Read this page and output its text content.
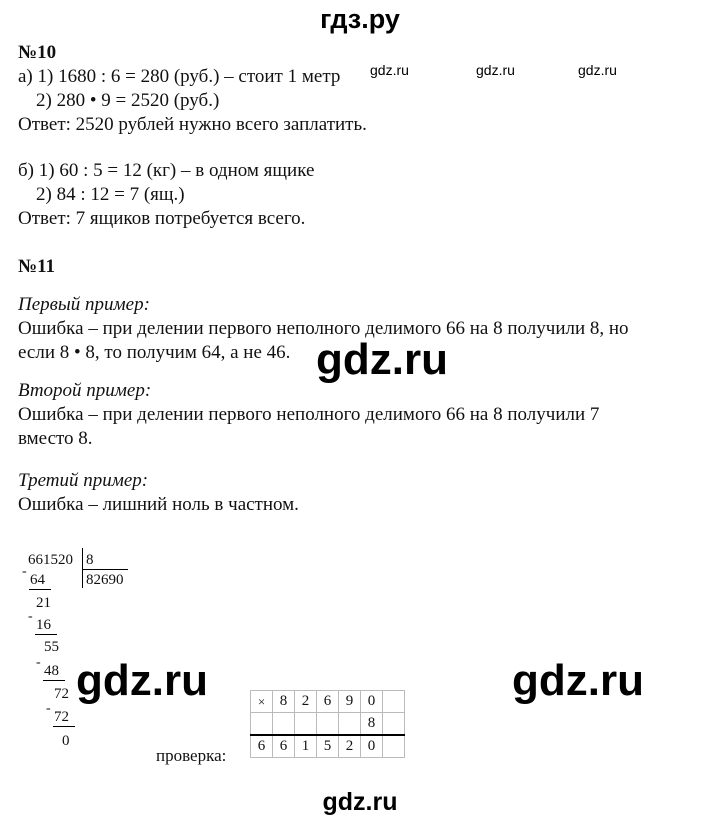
гдз.ру
gdz.ru
gdz.ru	gdz.ru	gdz.ru
gdz.ru
gdz.ru	gdz.ru
№10
а) 1) 1680 : 6 = 280 (руб.) – стоит 1 метр
2) 280 • 9 = 2520 (руб.)
Ответ: 2520 рублей нужно всего заплатить.
б) 1) 60 : 5 = 12 (кг) – в одном ящике
2) 84 : 12 = 7 (ящ.)
Ответ: 7 ящиков потребуется всего.
№11
Первый пример:
Ошибка – при делении первого неполного делимого 66 на 8 получили 8, но
если 8 • 8, то получим 64, а не 46.
Второй пример:
Ошибка – при делении первого неполного делимого 66 на 8 получили 7
вместо 8.
Третий пример:
Ошибка – лишний ноль в частном.
661520 8
82690
-
64
21
-
16
55
-
48
72
-
72
0
проверка:
×	8	2	6	9	0	
					8	
6	6	1	5	2	0	
